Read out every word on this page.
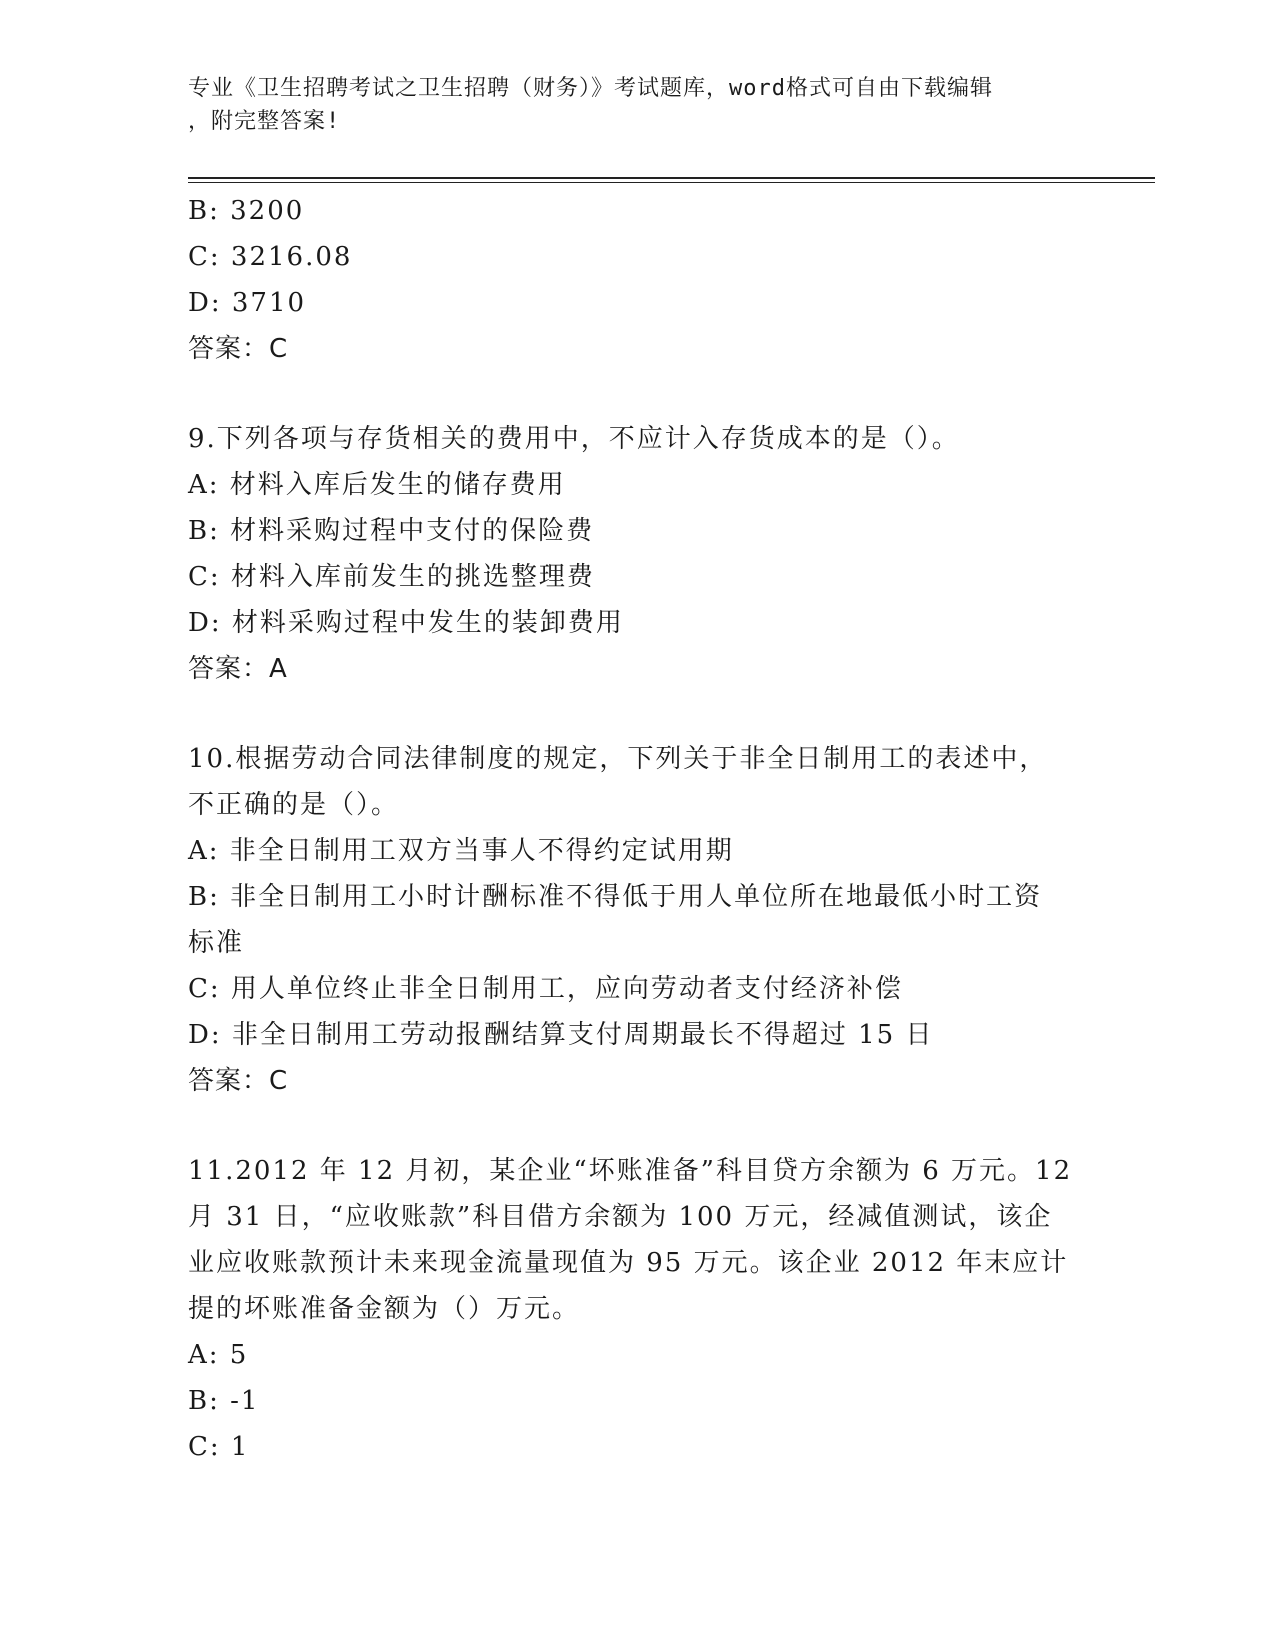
专业《卫生招聘考试之卫生招聘（财务）》考试题库，word格式可自由下载编辑
，附完整答案!
B: 3200
C: 3216.08
D: 3710
答案：C
9.下列各项与存货相关的费用中，不应计入存货成本的是（）。
A: 材料入库后发生的储存费用
B: 材料采购过程中支付的保险费
C: 材料入库前发生的挑选整理费
D: 材料采购过程中发生的装卸费用
答案：A
10.根据劳动合同法律制度的规定，下列关于非全日制用工的表述中，
不正确的是（）。
A: 非全日制用工双方当事人不得约定试用期
B: 非全日制用工小时计酬标准不得低于用人单位所在地最低小时工资
标准
C: 用人单位终止非全日制用工，应向劳动者支付经济补偿
D: 非全日制用工劳动报酬结算支付周期最长不得超过 15 日
答案：C
11.2012 年 12 月初，某企业“坏账准备”科目贷方余额为 6 万元。12
月 31 日，“应收账款”科目借方余额为 100 万元，经减值测试，该企
业应收账款预计未来现金流量现值为 95 万元。该企业 2012 年末应计
提的坏账准备金额为（）万元。
A: 5
B: -1
C: 1
